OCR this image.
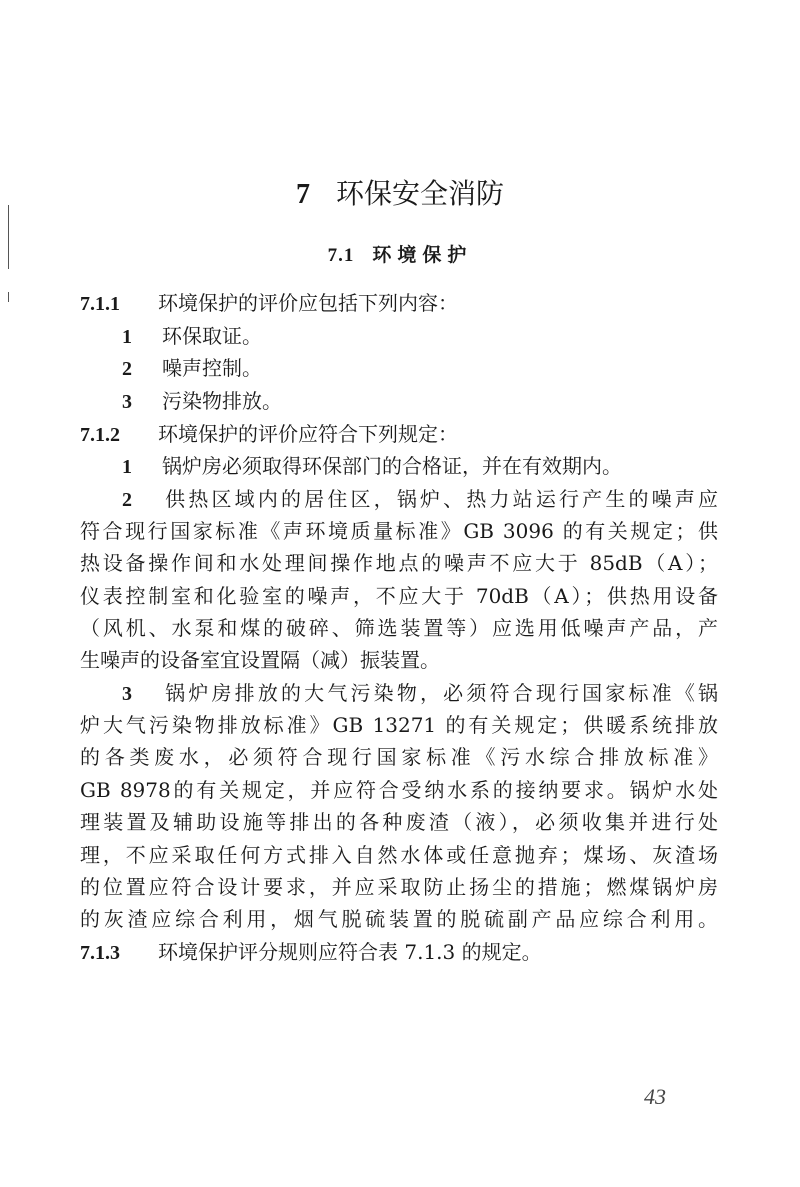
7 环保安全消防
7.1 环境保护
7.1.1 环境保护的评价应包括下列内容：
1 环保取证。
2 噪声控制。
3 污染物排放。
7.1.2 环境保护的评价应符合下列规定：
1 锅炉房必须取得环保部门的合格证，并在有效期内。
2 供热区域内的居住区，锅炉、热力站运行产生的噪声应
符合现行国家标准《声环境质量标准》GB 3096 的有关规定；供
热设备操作间和水处理间操作地点的噪声不应大于 85dB（A）；
仪表控制室和化验室的噪声，不应大于 70dB（A）；供热用设备
（风机、水泵和煤的破碎、筛选装置等）应选用低噪声产品，产
生噪声的设备室宜设置隔（减）振装置。
3 锅炉房排放的大气污染物，必须符合现行国家标准《锅
炉大气污染物排放标准》GB 13271 的有关规定；供暖系统排放
的各类废水，必须符合现行国家标准《污水综合排放标准》
GB 8978的有关规定，并应符合受纳水系的接纳要求。锅炉水处
理装置及辅助设施等排出的各种废渣（液），必须收集并进行处
理，不应采取任何方式排入自然水体或任意抛弃；煤场、灰渣场
的位置应符合设计要求，并应采取防止扬尘的措施；燃煤锅炉房
的灰渣应综合利用，烟气脱硫装置的脱硫副产品应综合利用。
7.1.3 环境保护评分规则应符合表 7.1.3 的规定。
43
